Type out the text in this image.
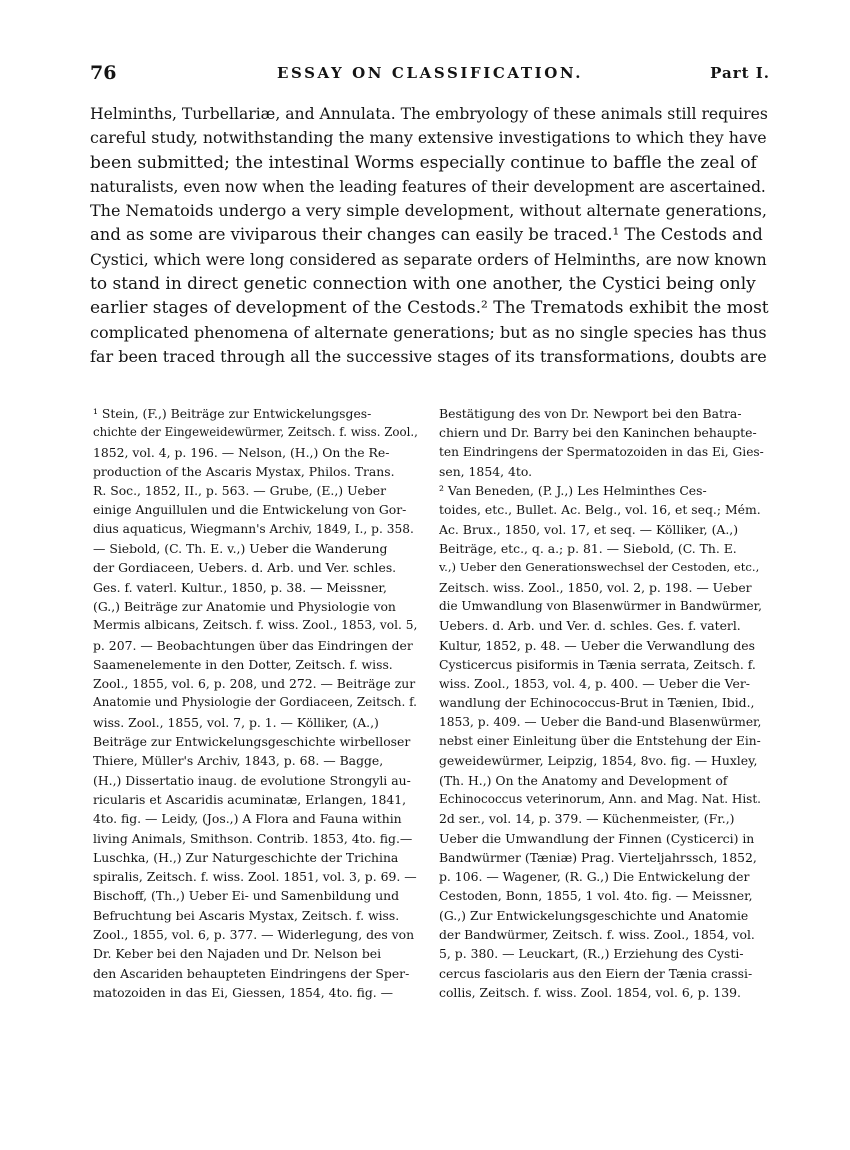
76	ESSAY ON CLASSIFICATION.	Part I.
Helminths, Turbellariæ, and Annulata. The embryology of these animals still requires
careful study, notwithstanding the many extensive investigations to which they have
been submitted; the intestinal Worms especially continue to baffle the zeal of
naturalists, even now when the leading features of their development are ascertained.
The Nematoids undergo a very simple development, without alternate generations,
and as some are viviparous their changes can easily be traced.¹ The Cestods and
Cystici, which were long considered as separate orders of Helminths, are now known
to stand in direct genetic connection with one another, the Cystici being only
earlier stages of development of the Cestods.² The Trematods exhibit the most
complicated phenomena of alternate generations; but as no single species has thus
far been traced through all the successive stages of its transformations, doubts are
¹ Stein, (F.,) Beiträge zur Entwickelungsges-
chichte der Eingeweidewürmer, Zeitsch. f. wiss. Zool.,
1852, vol. 4, p. 196. — Nelson, (H.,) On the Re-
production of the Ascaris Mystax, Philos. Trans.
R. Soc., 1852, II., p. 563. — Grube, (E.,) Ueber
einige Anguillulen und die Entwickelung von Gor-
dius aquaticus, Wiegmann's Archiv, 1849, I., p. 358.
— Siebold, (C. Th. E. v.,) Ueber die Wanderung
der Gordiaceen, Uebers. d. Arb. und Ver. schles.
Ges. f. vaterl. Kultur., 1850, p. 38. — Meissner,
(G.,) Beiträge zur Anatomie und Physiologie von
Mermis albicans, Zeitsch. f. wiss. Zool., 1853, vol. 5,
p. 207. — Beobachtungen über das Eindringen der
Saamenelemente in den Dotter, Zeitsch. f. wiss.
Zool., 1855, vol. 6, p. 208, und 272. — Beiträge zur
Anatomie und Physiologie der Gordiaceen, Zeitsch. f.
wiss. Zool., 1855, vol. 7, p. 1. — Kölliker, (A.,)
Beiträge zur Entwickelungsgeschichte wirbelloser
Thiere, Müller's Archiv, 1843, p. 68. — Bagge,
(H.,) Dissertatio inaug. de evolutione Strongyli au-
ricularis et Ascaridis acuminatæ, Erlangen, 1841,
4to. fig. — Leidy, (Jos.,) A Flora and Fauna within
living Animals, Smithson. Contrib. 1853, 4to. fig.—
Luschka, (H.,) Zur Naturgeschichte der Trichina
spiralis, Zeitsch. f. wiss. Zool. 1851, vol. 3, p. 69. —
Bischoff, (Th.,) Ueber Ei- und Samenbildung und
Befruchtung bei Ascaris Mystax, Zeitsch. f. wiss.
Zool., 1855, vol. 6, p. 377. — Widerlegung, des von
Dr. Keber bei den Najaden und Dr. Nelson bei
den Ascariden behaupteten Eindringens der Sper-
matozoiden in das Ei, Giessen, 1854, 4to. fig. —
Bestätigung des von Dr. Newport bei den Batra-
chiern und Dr. Barry bei den Kaninchen behaupte-
ten Eindringens der Spermatozoiden in das Ei, Gies-
sen, 1854, 4to.
² Van Beneden, (P. J.,) Les Helminthes Ces-
toides, etc., Bullet. Ac. Belg., vol. 16, et seq.; Mém.
Ac. Brux., 1850, vol. 17, et seq. — Kölliker, (A.,)
Beiträge, etc., q. a.; p. 81. — Siebold, (C. Th. E.
v.,) Ueber den Generationswechsel der Cestoden, etc.,
Zeitsch. wiss. Zool., 1850, vol. 2, p. 198. — Ueber
die Umwandlung von Blasenwürmer in Bandwürmer,
Uebers. d. Arb. und Ver. d. schles. Ges. f. vaterl.
Kultur, 1852, p. 48. — Ueber die Verwandlung des
Cysticercus pisiformis in Tænia serrata, Zeitsch. f.
wiss. Zool., 1853, vol. 4, p. 400. — Ueber die Ver-
wandlung der Echinococcus-Brut in Tænien, Ibid.,
1853, p. 409. — Ueber die Band-und Blasenwürmer,
nebst einer Einleitung über die Entstehung der Ein-
geweidewürmer, Leipzig, 1854, 8vo. fig. — Huxley,
(Th. H.,) On the Anatomy and Development of
Echinococcus veterinorum, Ann. and Mag. Nat. Hist.
2d ser., vol. 14, p. 379. — Küchenmeister, (Fr.,)
Ueber die Umwandlung der Finnen (Cysticerci) in
Bandwürmer (Tæniæ) Prag. Vierteljahrssch, 1852,
p. 106. — Wagener, (R. G.,) Die Entwickelung der
Cestoden, Bonn, 1855, 1 vol. 4to. fig. — Meissner,
(G.,) Zur Entwickelungsgeschichte und Anatomie
der Bandwürmer, Zeitsch. f. wiss. Zool., 1854, vol.
5, p. 380. — Leuckart, (R.,) Erziehung des Cysti-
cercus fasciolaris aus den Eiern der Tænia crassi-
collis, Zeitsch. f. wiss. Zool. 1854, vol. 6, p. 139.
